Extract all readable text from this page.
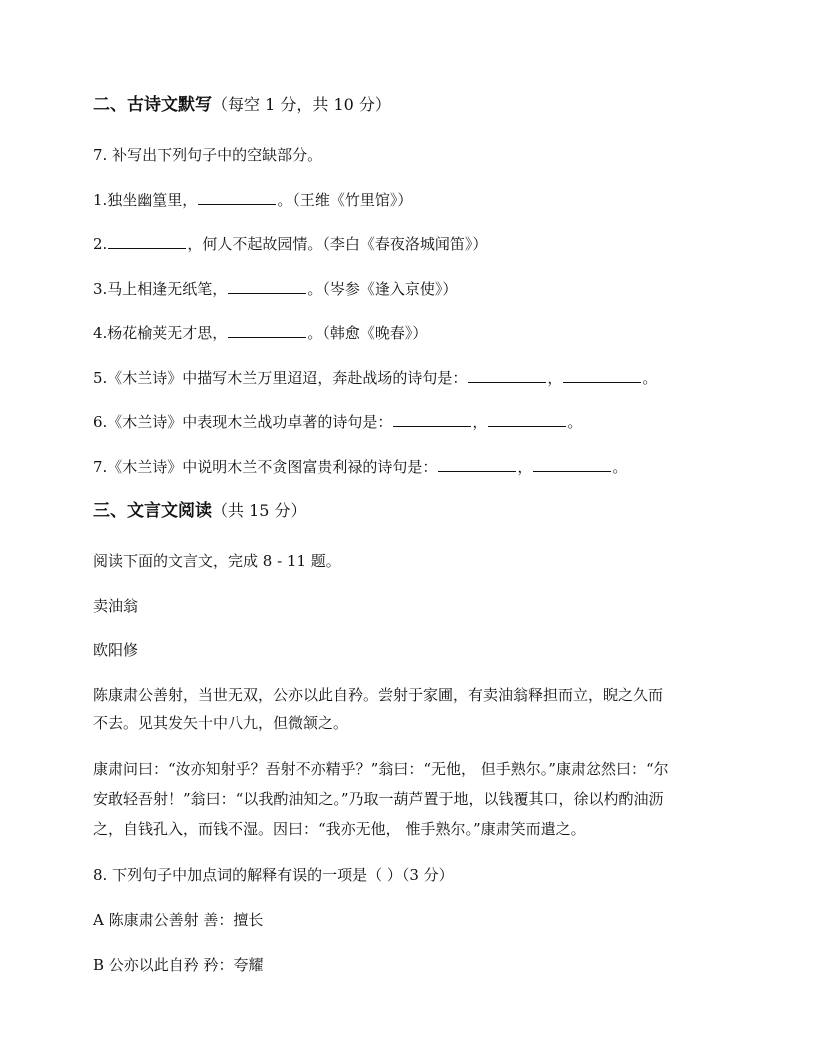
二、古诗文默写（每空 1 分，共 10 分）
7. 补写出下列句子中的空缺部分。
1.独坐幽篁里，	。（王维《竹里馆》）
2.	，何人不起故园情。（李白《春夜洛城闻笛》）
3.马上相逢无纸笔，	。（岑参《逢入京使》）
4.杨花榆荚无才思，	。（韩愈《晚春》）
5.《木兰诗》中描写木兰万里迢迢，奔赴战场的诗句是：	，	。
6.《木兰诗》中表现木兰战功卓著的诗句是：	，	。
7.《木兰诗》中说明木兰不贪图富贵利禄的诗句是：	，	。
三、文言文阅读（共 15 分）
阅读下面的文言文，完成 8 - 11 题。
卖油翁
欧阳修
陈康肃公善射，当世无双，公亦以此自矜。尝射于家圃，有卖油翁释担而立，睨之久而
不去。见其发矢十中八九，但微颔之。
康肃问曰：“汝亦知射乎？吾射不亦精乎？”翁曰：“无他， 但手熟尔。”康肃忿然曰：“尔
安敢轻吾射！”翁曰：“以我酌油知之。”乃取一葫芦置于地，以钱覆其口，徐以杓酌油沥
之，自钱孔入，而钱不湿。因曰：“我亦无他， 惟手熟尔。”康肃笑而遣之。
8. 下列句子中加点词的解释有误的一项是（ ）（3 分）
A 陈康肃公善射 善：擅长
B 公亦以此自矜 矜：夸耀
